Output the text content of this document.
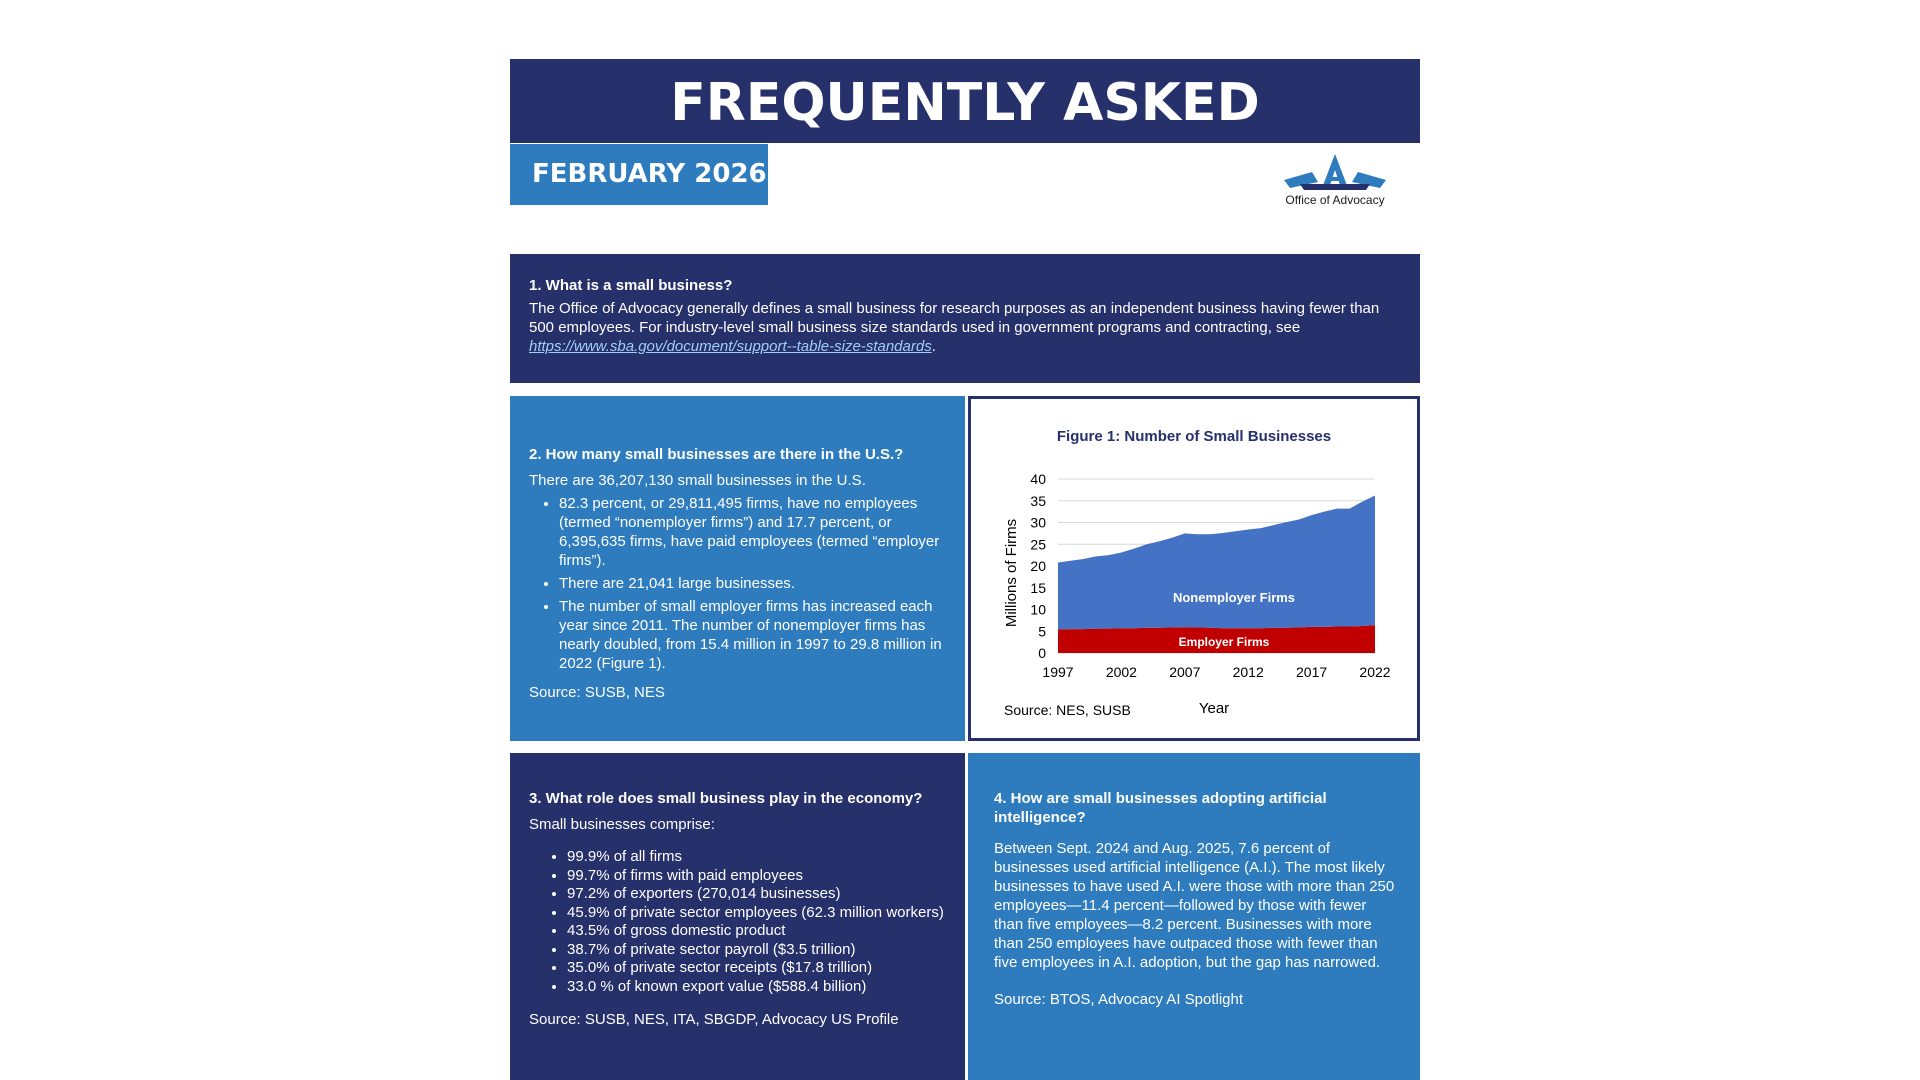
FREQUENTLY ASKED QUESTIONS
FEBRUARY 2026
Office of Advocacy
1. What is a small business?

The Office of Advocacy generally defines a small business for research purposes as an independent business having fewer than 500 employees. For industry-level small business size standards used in government programs and contracting, see https://www.sba.gov/document/support--table-size-standards.

2. How many small businesses are there in the U.S.?

There are 36,207,130 small businesses in the U.S.

• 82.3 percent, or 29,811,495 firms, have no employees (termed “nonemployer firms”) and 17.7 percent, or 6,395,635 firms, have paid employees (termed “employer firms”).
• There are 21,041 large businesses.
• The number of small employer firms has increased each year since 2011. The number of nonemployer firms has nearly doubled, from 15.4 million in 1997 to 29.8 million in 2022 (Figure 1).

Source: SUSB, NES

Figure 1: Number of Small Businesses
0
5
10
15
20
25
30
35
40
1997 2002 2007 2012 2017 2022
Nonemployer Firms
Employer Firms
Millions of Firms
Year
Source: NES, SUSB
3. What role does small business play in the economy?

Small businesses comprise:

• 99.9% of all firms
• 99.7% of firms with paid employees
• 97.2% of exporters (270,014 businesses)
• 45.9% of private sector employees (62.3 million workers)
• 43.5% of gross domestic product
• 38.7% of private sector payroll ($3.5 trillion)
• 35.0% of private sector receipts ($17.8 trillion)
• 33.0 % of known export value ($588.4 billion)

Source: SUSB, NES, ITA, SBGDP, Advocacy US Profile

4. How are small businesses adopting artificial intelligence?

Between Sept. 2024 and Aug. 2025, 7.6 percent of businesses used artificial intelligence (A.I.). The most likely businesses to have used A.I. were those with more than 250 employees—11.4 percent—followed by those with fewer than five employees—8.2 percent. Businesses with more than 250 employees have outpaced those with fewer than five employees in A.I. adoption, but the gap has narrowed.

Source: BTOS, Advocacy AI Spotlight
